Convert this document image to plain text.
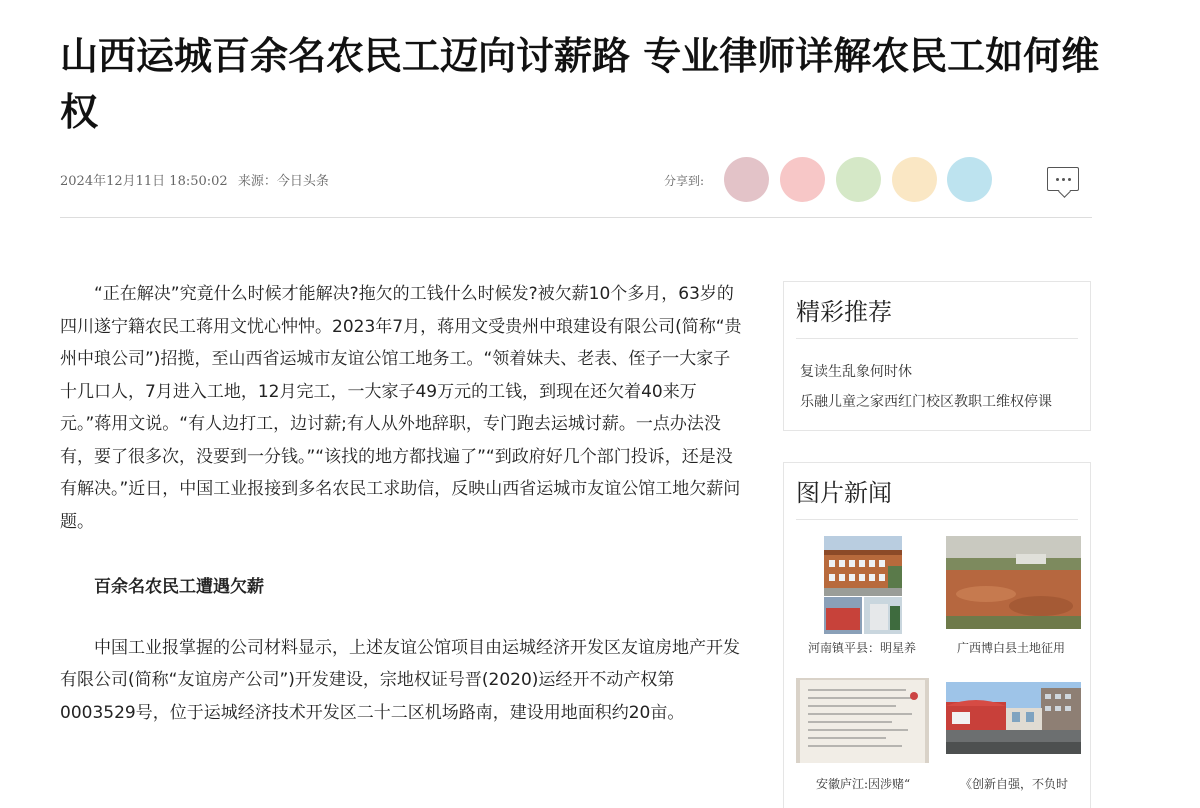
山西运城百余名农民工迈向讨薪路 专业律师详解农民工如何维权
2024年12月11日 18:50:02 来源：今日头条	分享到:

“正在解决”究竟什么时候才能解决?拖欠的工钱什么时候发?被欠薪10个多月，63岁的四川遂宁籍农民工蒋用文忧心忡忡。2023年7月，蒋用文受贵州中琅建设有限公司(简称“贵州中琅公司”)招揽，至山西省运城市友谊公馆工地务工。“领着妹夫、老表、侄子一大家子十几口人，7月进入工地，12月完工，一大家子49万元的工钱，到现在还欠着40来万元。”蒋用文说。“有人边打工，边讨薪;有人从外地辞职，专门跑去运城讨薪。一点办法没有，要了很多次，没要到一分钱。”“该找的地方都找遍了”“到政府好几个部门投诉，还是没有解决。”近日，中国工业报接到多名农民工求助信，反映山西省运城市友谊公馆工地欠薪问题。

百余名农民工遭遇欠薪

中国工业报掌握的公司材料显示，上述友谊公馆项目由运城经济开发区友谊房地产开发有限公司(简称“友谊房产公司”)开发建设，宗地权证号晋(2020)运经开不动产权第0003529号，位于运城经济技术开发区二十二区机场路南，建设用地面积约20亩。

精彩推荐
复读生乱象何时休
乐融儿童之家西红门校区教职工维权停课
图片新闻
河南镇平县：明星养	广西博白县土地征用
安徽庐江:因涉赌“	《创新自强，不负时
